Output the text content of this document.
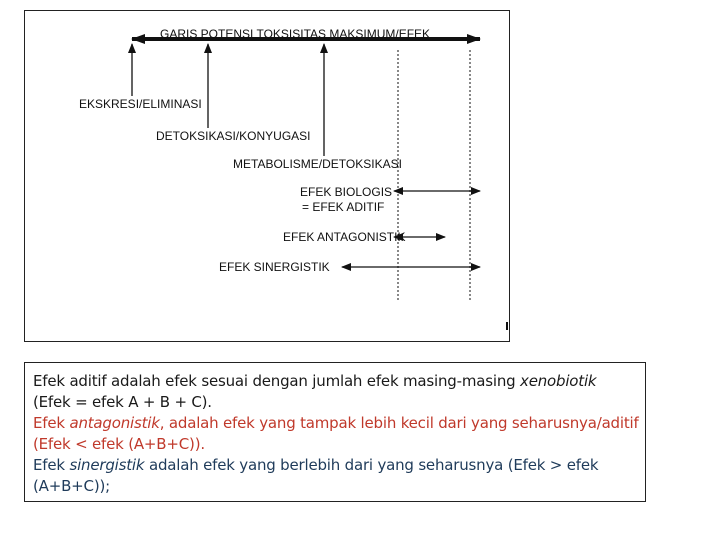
GARIS POTENSI TOKSISITAS MAKSIMUM/EFEK
EKSKRESI/ELIMINASI
DETOKSIKASI/KONYUGASI
METABOLISME/DETOKSIKASI
EFEK BIOLOGIS
= EFEK ADITIF
EFEK ANTAGONISTIK
EFEK SINERGISTIK
Efek aditif adalah efek sesuai dengan jumlah efek masing-masing xenobiotik
(Efek = efek A + B + C).
Efek antagonistik, adalah efek yang tampak lebih kecil dari yang seharusnya/aditif
(Efek < efek (A+B+C)).
Efek sinergistik adalah efek yang berlebih dari yang seharusnya (Efek > efek
(A+B+C));
